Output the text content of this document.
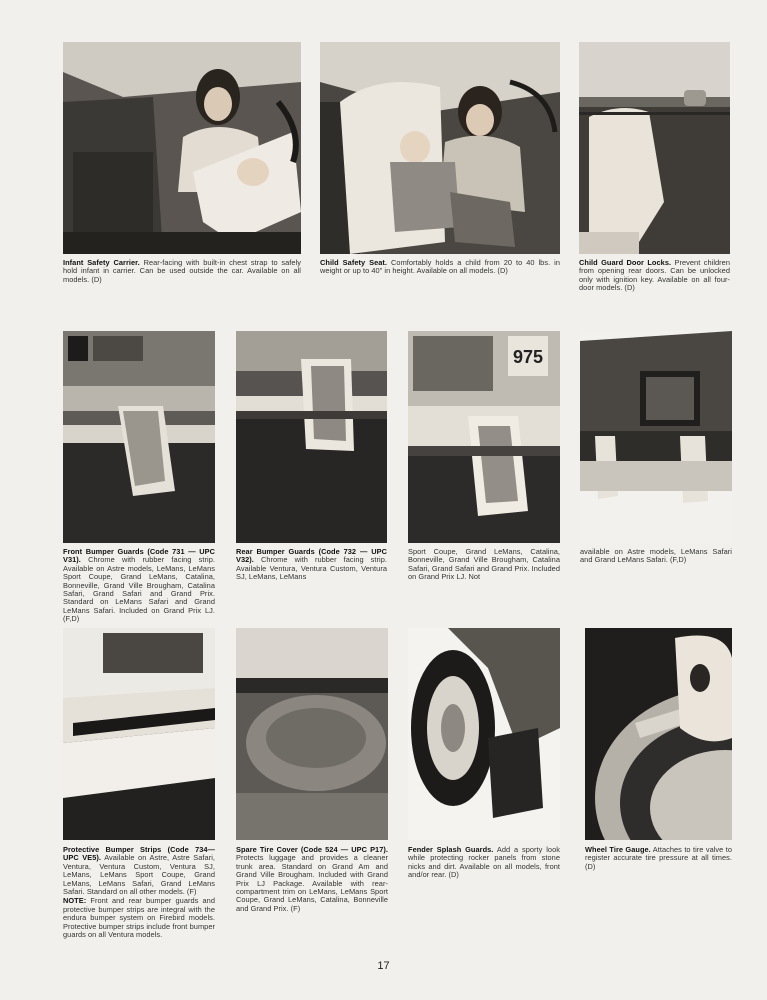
Infant Safety Carrier. Rear-facing with built-in chest strap to safely hold infant in carrier. Can be used outside the car. Available on all models. (D)

Child Safety Seat. Comfortably holds a child from 20 to 40 lbs. in weight or up to 40" in height. Available on all models. (D)

Child Guard Door Locks. Prevent children from opening rear doors. Can be unlocked only with ignition key. Available on all four-door models. (D)

975

Front Bumper Guards (Code 731 — UPC V31). Chrome with rubber facing strip. Available on Astre models, LeMans, LeMans Sport Coupe, Grand LeMans, Catalina, Bonneville, Grand Ville Brougham, Catalina Safari, Grand Safari and Grand Prix. Standard on LeMans Safari and Grand LeMans Safari. Included on Grand Prix LJ. (F,D)

Rear Bumper Guards (Code 732 — UPC V32). Chrome with rubber facing strip. Available Ventura, Ventura Custom, Ventura SJ, LeMans, LeMans

Sport Coupe, Grand LeMans, Catalina, Bonneville, Grand Ville Brougham, Catalina Safari, Grand Safari and Grand Prix. Included on Grand Prix LJ. Not

available on Astre models, LeMans Safari and Grand LeMans Safari. (F,D)

Protective Bumper Strips (Code 734— UPC VE5). Available on Astre, Astre Safari, Ventura, Ventura Custom, Ventura SJ, LeMans, LeMans Sport Coupe, Grand LeMans, LeMans Safari, Grand LeMans Safari. Standard on all other models. (F)

NOTE: Front and rear bumper guards and protective bumper strips are integral with the endura bumper system on Firebird models. Protective bumper strips include front bumper guards on all Ventura models.

Spare Tire Cover (Code 524 — UPC P17). Protects luggage and provides a cleaner trunk area. Standard on Grand Am and Grand Ville Brougham. Included with Grand Prix LJ Package. Available with rear-compartment trim on LeMans, LeMans Sport Coupe, Grand LeMans, Catalina, Bonneville and Grand Prix. (F)

Fender Splash Guards. Add a sporty look while protecting rocker panels from stone nicks and dirt. Available on all models, front and/or rear. (D)

Wheel Tire Gauge. Attaches to tire valve to register accurate tire pressure at all times. (D)

17
